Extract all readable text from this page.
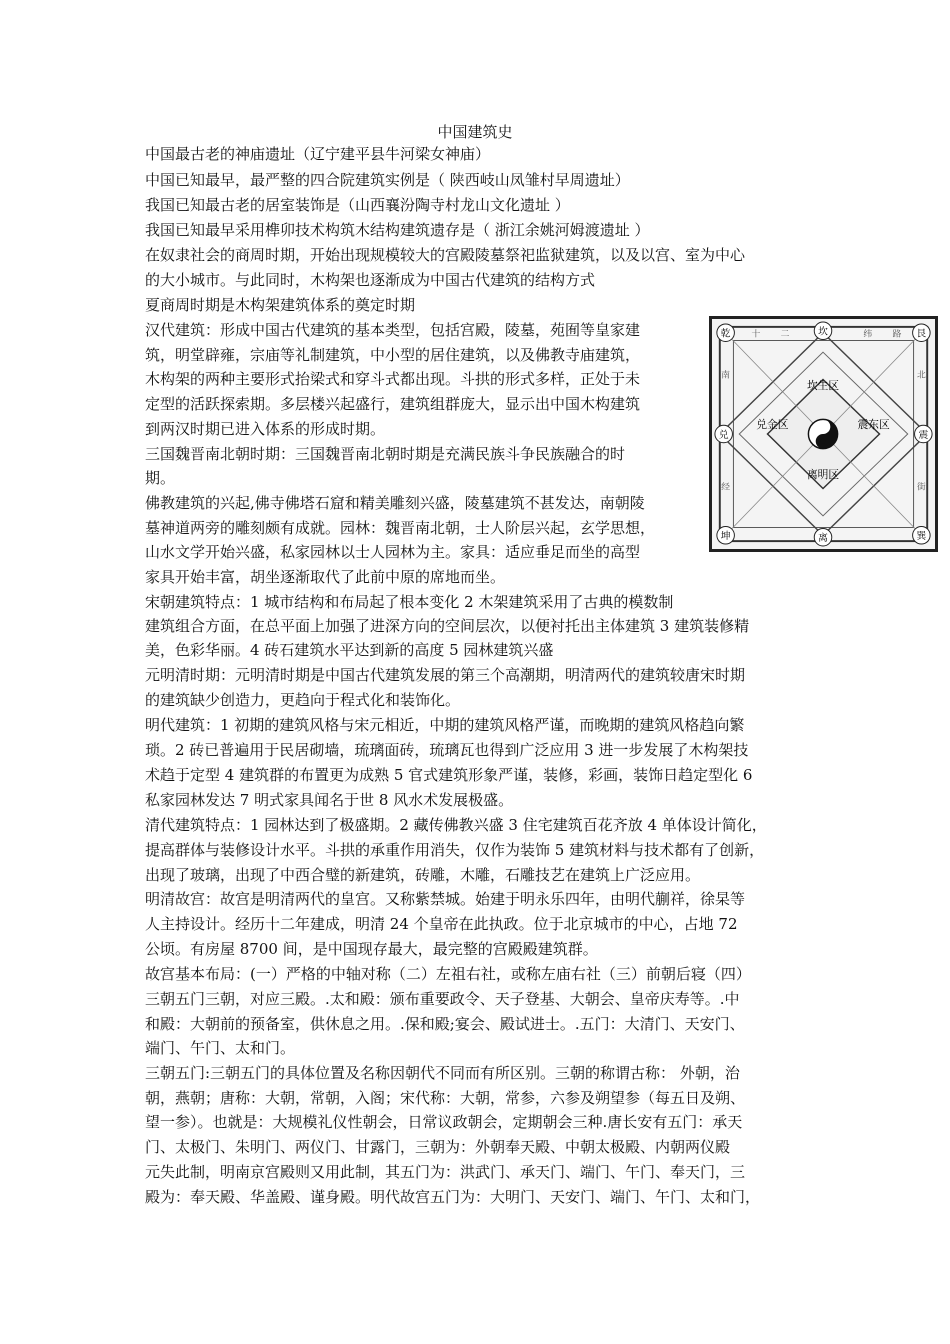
中国建筑史
中国最古老的神庙遗址（辽宁建平县牛河梁女神庙）
中国已知最早，最严整的四合院建筑实例是（ 陕西岐山凤雏村早周遗址）
我国已知最古老的居室装饰是（山西襄汾陶寺村龙山文化遗址 ）
我国已知最早采用榫卯技术构筑木结构建筑遗存是（ 浙江余姚河姆渡遗址 ）
在奴隶社会的商周时期，开始出现规模较大的宫殿陵墓祭祀监狱建筑，以及以宫、室为中心
的大小城市。与此同时，木构架也逐渐成为中国古代建筑的结构方式
夏商周时期是木构架建筑体系的奠定时期
汉代建筑：形成中国古代建筑的基本类型，包括宫殿，陵墓，苑囿等皇家建
筑，明堂辟雍，宗庙等礼制建筑，中小型的居住建筑，以及佛教寺庙建筑，
木构架的两种主要形式抬梁式和穿斗式都出现。斗拱的形式多样，正处于未
定型的活跃探索期。多层楼兴起盛行，建筑组群庞大，显示出中国木构建筑
到两汉时期已进入体系的形成时期。
三国魏晋南北朝时期：三国魏晋南北朝时期是充满民族斗争民族融合的时
期。
佛教建筑的兴起,佛寺佛塔石窟和精美雕刻兴盛，陵墓建筑不甚发达，南朝陵
墓神道两旁的雕刻颇有成就。园林：魏晋南北朝，士人阶层兴起，玄学思想，
山水文学开始兴盛，私家园林以士人园林为主。家具：适应垂足而坐的高型
家具开始丰富，胡坐逐渐取代了此前中原的席地而坐。
宋朝建筑特点：1 城市结构和布局起了根本变化 2 木架建筑采用了古典的模数制
建筑组合方面，在总平面上加强了进深方向的空间层次，以便衬托出主体建筑 3 建筑装修精
美，色彩华丽。4 砖石建筑水平达到新的高度 5 园林建筑兴盛
元明清时期：元明清时期是中国古代建筑发展的第三个高潮期，明清两代的建筑较唐宋时期
的建筑缺少创造力，更趋向于程式化和装饰化。
明代建筑：1 初期的建筑风格与宋元相近，中期的建筑风格严谨，而晚期的建筑风格趋向繁
琐。2 砖已普遍用于民居砌墙，琉璃面砖，琉璃瓦也得到广泛应用 3 进一步发展了木构架技
术趋于定型 4 建筑群的布置更为成熟 5 官式建筑形象严谨，装修，彩画，装饰日趋定型化 6
私家园林发达 7 明式家具闻名于世 8 风水术发展极盛。
清代建筑特点：1 园林达到了极盛期。2 藏传佛教兴盛 3 住宅建筑百花齐放 4 单体设计简化，
提高群体与装修设计水平。斗拱的承重作用消失，仅作为装饰 5 建筑材料与技术都有了创新，
出现了玻璃，出现了中西合璧的新建筑，砖雕，木雕，石雕技艺在建筑上广泛应用。
明清故宫：故宫是明清两代的皇宫。又称紫禁城。始建于明永乐四年，由明代蒯祥，徐杲等
人主持设计。经历十二年建成，明清 24 个皇帝在此执政。位于北京城市的中心，占地 72
公顷。有房屋 8700 间，是中国现存最大，最完整的宫殿殿建筑群。
故宫基本布局：(一）严格的中轴对称（二）左祖右社，或称左庙右社（三）前朝后寝（四）
三朝五门三朝，对应三殿。.太和殿：颁布重要政令、天子登基、大朝会、皇帝庆寿等。.中
和殿：大朝前的预备室，供休息之用。.保和殿;宴会、殿试进士。.五门：大清门、天安门、
端门、午门、太和门。
三朝五门:三朝五门的具体位置及名称因朝代不同而有所区别。三朝的称谓古称： 外朝，治
朝，燕朝；唐称：大朝，常朝，入阁；宋代称：大朝，常参，六参及朔望参（每五日及朔、
望一参）。也就是：大规模礼仪性朝会，日常议政朝会，定期朝会三种.唐长安有五门：承天
门、太极门、朱明门、两仪门、甘露门，三朝为：外朝奉天殿、中朝太极殿、内朝两仪殿
元失此制，明南京宫殿则又用此制，其五门为：洪武门、承天门、端门、午门、奉天门，三
殿为：奉天殿、华盖殿、谨身殿。明代故宫五门为：大明门、天安门、端门、午门、太和门，
乾	坎	艮
兑	震
坤	离	巽
坎生区
离明区
兑金区	震东区
十 二	纬 路
南	北
经	街
